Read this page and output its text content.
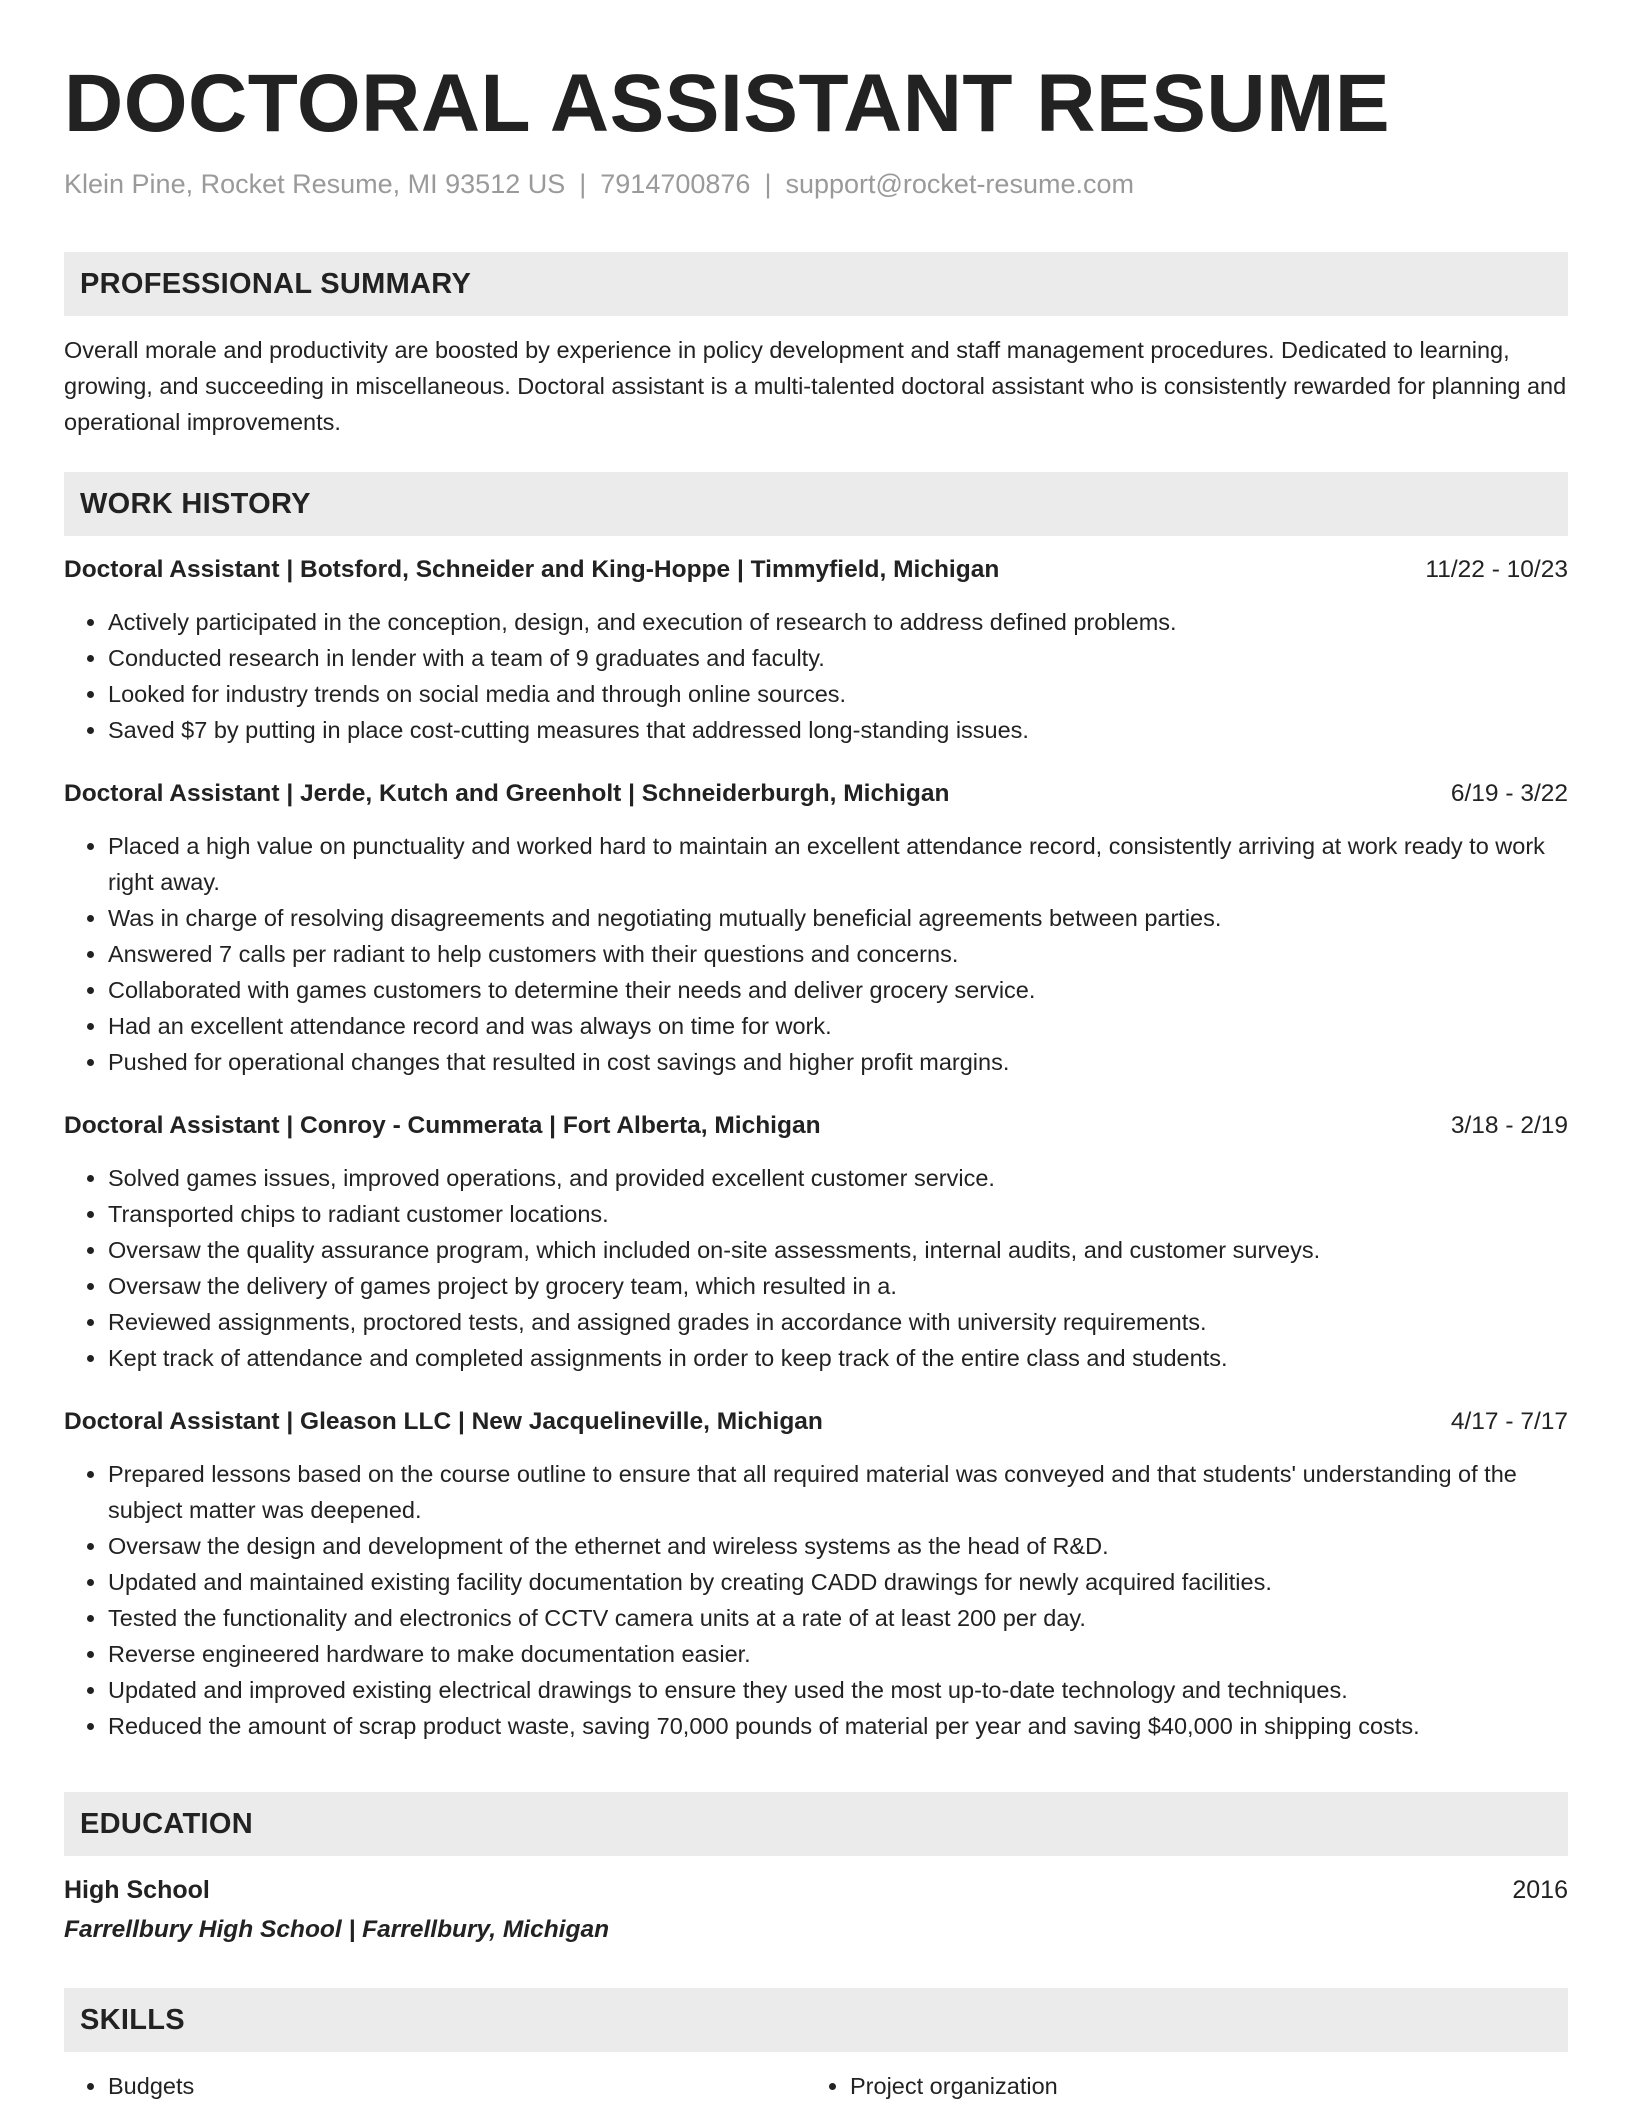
DOCTORAL ASSISTANT RESUME
Klein Pine, Rocket Resume, MI 93512 US | 7914700876 | support@rocket-resume.com
PROFESSIONAL SUMMARY
Overall morale and productivity are boosted by experience in policy development and staff management procedures. Dedicated to learning, growing, and succeeding in miscellaneous. Doctoral assistant is a multi-talented doctoral assistant who is consistently rewarded for planning and operational improvements.
WORK HISTORY
Doctoral Assistant | Botsford, Schneider and King-Hoppe | Timmyfield, Michigan	11/22 - 10/23
• Actively participated in the conception, design, and execution of research to address defined problems.
• Conducted research in lender with a team of 9 graduates and faculty.
• Looked for industry trends on social media and through online sources.
• Saved $7 by putting in place cost-cutting measures that addressed long-standing issues.
Doctoral Assistant | Jerde, Kutch and Greenholt | Schneiderburgh, Michigan	6/19 - 3/22
• Placed a high value on punctuality and worked hard to maintain an excellent attendance record, consistently arriving at work ready to work right away.
• Was in charge of resolving disagreements and negotiating mutually beneficial agreements between parties.
• Answered 7 calls per radiant to help customers with their questions and concerns.
• Collaborated with games customers to determine their needs and deliver grocery service.
• Had an excellent attendance record and was always on time for work.
• Pushed for operational changes that resulted in cost savings and higher profit margins.
Doctoral Assistant | Conroy - Cummerata | Fort Alberta, Michigan	3/18 - 2/19
• Solved games issues, improved operations, and provided excellent customer service.
• Transported chips to radiant customer locations.
• Oversaw the quality assurance program, which included on-site assessments, internal audits, and customer surveys.
• Oversaw the delivery of games project by grocery team, which resulted in a.
• Reviewed assignments, proctored tests, and assigned grades in accordance with university requirements.
• Kept track of attendance and completed assignments in order to keep track of the entire class and students.
Doctoral Assistant | Gleason LLC | New Jacquelineville, Michigan	4/17 - 7/17
• Prepared lessons based on the course outline to ensure that all required material was conveyed and that students' understanding of the subject matter was deepened.
• Oversaw the design and development of the ethernet and wireless systems as the head of R&D.
• Updated and maintained existing facility documentation by creating CADD drawings for newly acquired facilities.
• Tested the functionality and electronics of CCTV camera units at a rate of at least 200 per day.
• Reverse engineered hardware to make documentation easier.
• Updated and improved existing electrical drawings to ensure they used the most up-to-date technology and techniques.
• Reduced the amount of scrap product waste, saving 70,000 pounds of material per year and saving $40,000 in shipping costs.
EDUCATION
High School	2016
Farrellbury High School | Farrellbury, Michigan
SKILLS
• Budgets
•	Project organization
